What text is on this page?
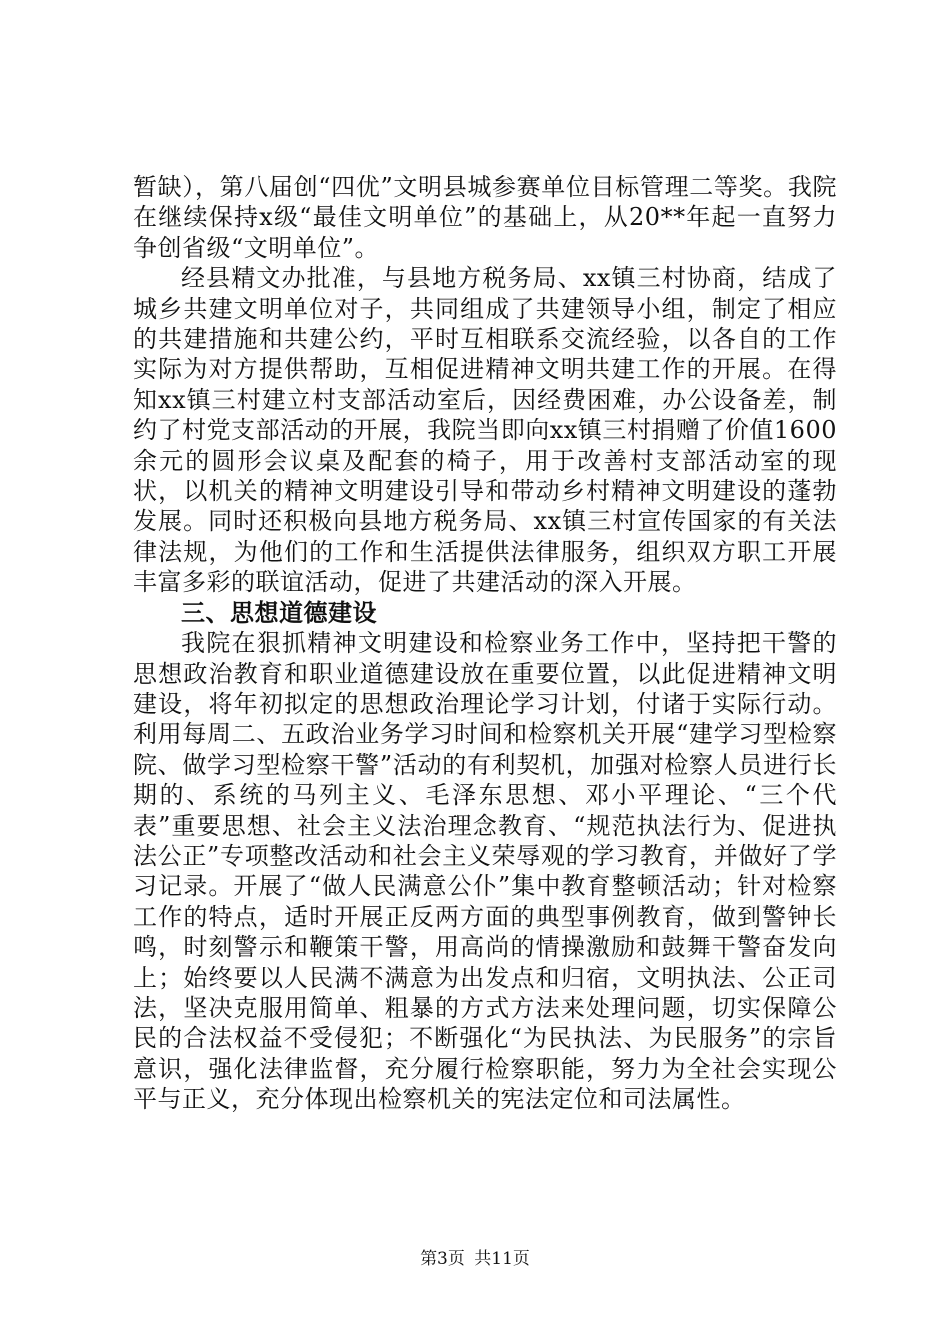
暂缺），第八届创“四优”文明县城参赛单位目标管理二等奖。我院在继续保持x级“最佳文明单位”的基础上，从20**年起一直努力争创省级“文明单位”。

经县精文办批准，与县地方税务局、xx镇三村协商，结成了城乡共建文明单位对子，共同组成了共建领导小组，制定了相应的共建措施和共建公约，平时互相联系交流经验，以各自的工作实际为对方提供帮助，互相促进精神文明共建工作的开展。在得知xx镇三村建立村支部活动室后，因经费困难，办公设备差，制约了村党支部活动的开展，我院当即向xx镇三村捐赠了价值1600余元的圆形会议桌及配套的椅子，用于改善村支部活动室的现状，以机关的精神文明建设引导和带动乡村精神文明建设的蓬勃发展。同时还积极向县地方税务局、xx镇三村宣传国家的有关法律法规，为他们的工作和生活提供法律服务，组织双方职工开展丰富多彩的联谊活动，促进了共建活动的深入开展。

三、思想道德建设

我院在狠抓精神文明建设和检察业务工作中，坚持把干警的思想政治教育和职业道德建设放在重要位置，以此促进精神文明建设，将年初拟定的思想政治理论学习计划，付诸于实际行动。利用每周二、五政治业务学习时间和检察机关开展“建学习型检察院、做学习型检察干警”活动的有利契机，加强对检察人员进行长期的、系统的马列主义、毛泽东思想、邓小平理论、“三个代表”重要思想、社会主义法治理念教育、“规范执法行为、促进执法公正”专项整改活动和社会主义荣辱观的学习教育，并做好了学习记录。开展了“做人民满意公仆”集中教育整顿活动；针对检察工作的特点，适时开展正反两方面的典型事例教育，做到警钟长鸣，时刻警示和鞭策干警，用高尚的情操激励和鼓舞干警奋发向上；始终要以人民满不满意为出发点和归宿，文明执法、公正司法，坚决克服用简单、粗暴的方式方法来处理问题，切实保障公民的合法权益不受侵犯；不断强化“为民执法、为民服务”的宗旨意识，强化法律监督，充分履行检察职能，努力为全社会实现公平与正义，充分体现出检察机关的宪法定位和司法属性。

第3页 共11页
